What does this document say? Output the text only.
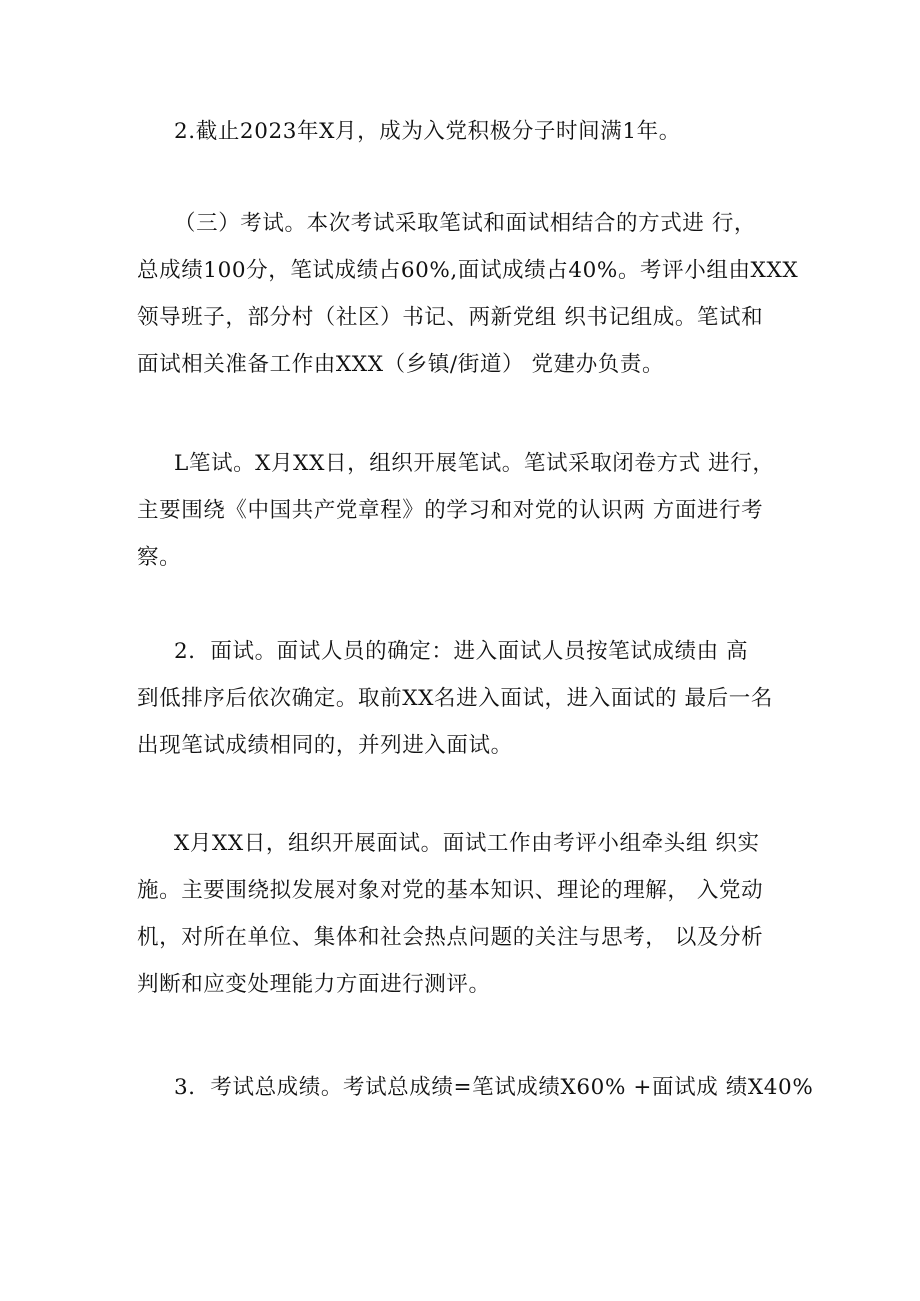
2.截止2023年X月，成为入党积极分子时间满1年。

（三）考试。本次考试采取笔试和面试相结合的方式进 行，
总成绩100分，笔试成绩占60%,面试成绩占40%。考评小组由XXX
领导班子，部分村（社区）书记、两新党组 织书记组成。笔试和
面试相关准备工作由XXX（乡镇/街道） 党建办负责。

L笔试。X月XX日，组织开展笔试。笔试采取闭卷方式 进行，
主要围绕《中国共产党章程》的学习和对党的认识两 方面进行考
察。

2．面试。面试人员的确定：进入面试人员按笔试成绩由 高
到低排序后依次确定。取前XX名进入面试，进入面试的 最后一名
出现笔试成绩相同的，并列进入面试。

X月XX日，组织开展面试。面试工作由考评小组牵头组 织实
施。主要围绕拟发展对象对党的基本知识、理论的理解， 入党动
机，对所在单位、集体和社会热点问题的关注与思考， 以及分析
判断和应变处理能力方面进行测评。

3．考试总成绩。考试总成绩=笔试成绩X60% +面试成 绩X40%
